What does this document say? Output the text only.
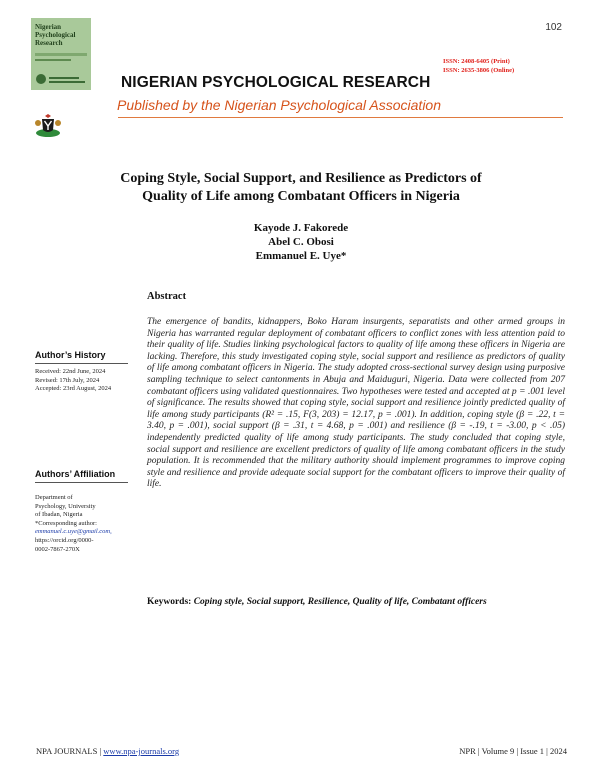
102
Nigerian
Psychological
Research
ISSN: 2408-6405 (Print)
ISSN: 2635-3806 (Online)
NIGERIAN PSYCHOLOGICAL RESEARCH
Published by the Nigerian Psychological Association
Coping Style, Social Support, and Resilience as Predictors of Quality of Life among Combatant Officers in Nigeria
Kayode J. Fakorede
Abel C. Obosi
Emmanuel E. Uye*
Author’s History
Received: 22nd June, 2024
Revised: 17th July, 2024
Accepted: 23rd August, 2024
Authors’ Affiliation
Department of
Psychology, University
of Ibadan, Nigeria
*Corresponding author:
emmanuel.c.uye@gmail.com,
https://orcid.org/0000-
0002-7867-270X
Abstract
The emergence of bandits, kidnappers, Boko Haram insurgents, separatists and other armed groups in Nigeria has warranted regular deployment of combatant officers to conflict zones with less attention paid to their quality of life. Studies linking psychological factors to quality of life among these officers in Nigeria are lacking. Therefore, this study investigated coping style, social support and resilience as predictors of quality of life among combatant officers in Nigeria. The study adopted cross-sectional survey design using purposive sampling technique to select cantonments in Abuja and Maiduguri, Nigeria. Data were collected from 207 combatant officers using validated questionnaires. Two hypotheses were tested and accepted at p = .001 level of significance. The results showed that coping style, social support and resilience jointly predicted quality of life among study participants (R² = .15, F(3, 203) = 12.17, p = .001). In addition, coping style (β = .22, t = 3.40, p = .001), social support (β = .31, t = 4.68, p = .001) and resilience (β = -.19, t = -3.00, p < .05) independently predicted quality of life among study participants. The study concluded that coping style, social support and resilience are excellent predictors of quality of life among combatant officers in the study population. It is recommended that the military authority should implement programmes to improve coping style and resilience and provide adequate social support for the combatant officers to improve their quality of life.
Keywords: Coping style, Social support, Resilience, Quality of life, Combatant officers
NPA JOURNALS | www.npa-journals.org	NPR | Volume 9 | Issue 1 | 2024
